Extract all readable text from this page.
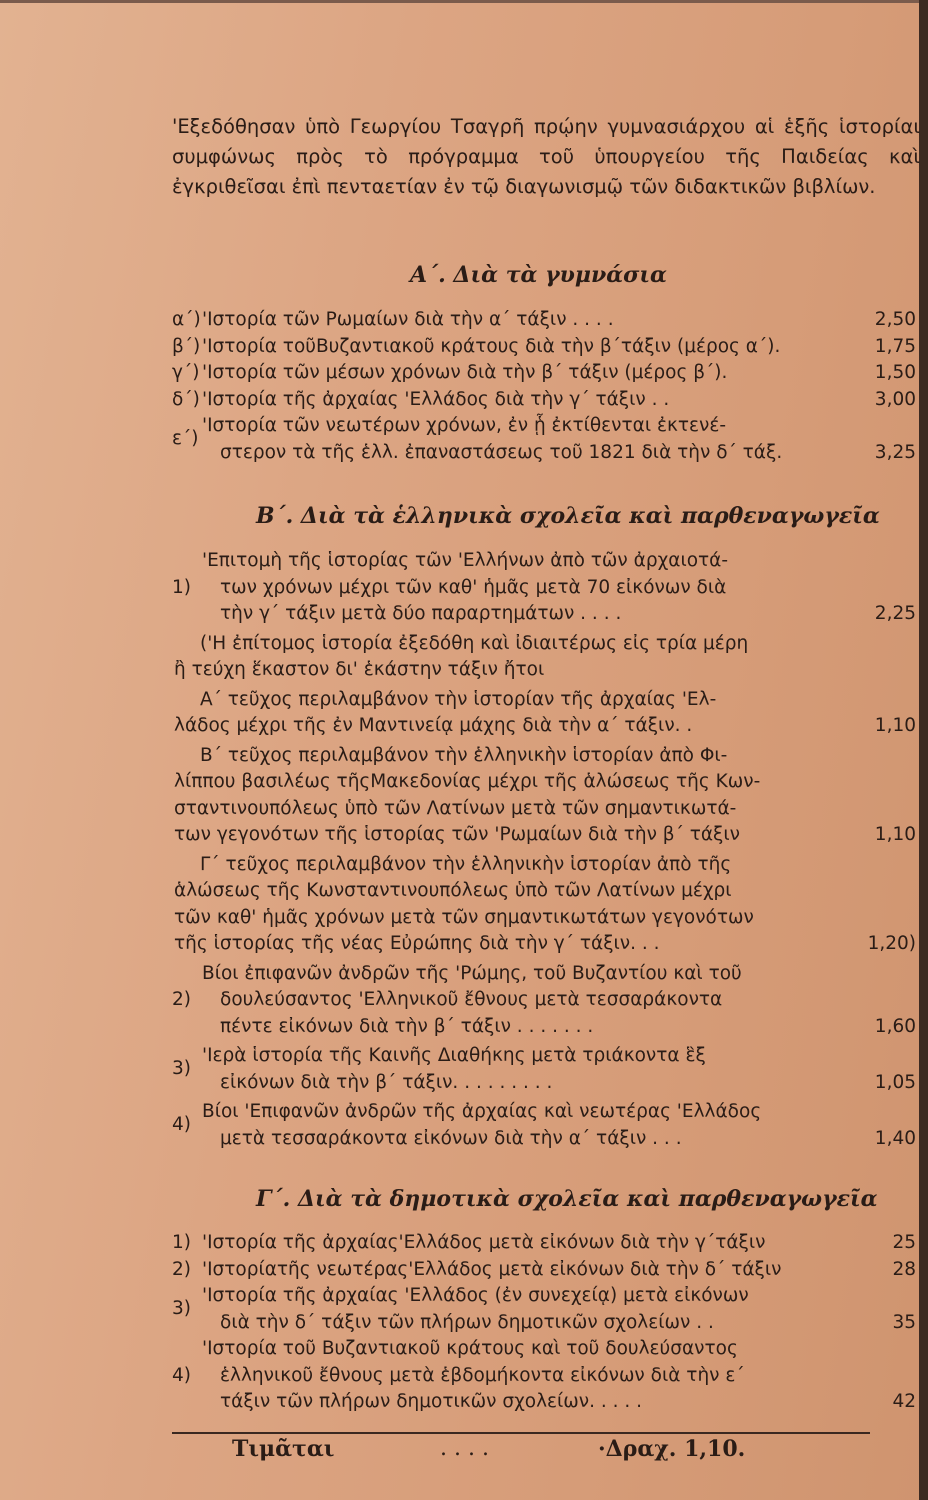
'Εξεδόθησαν ὑπὸ Γεωργίου Τσαγρῆ πρῴην γυμνασιάρχου αἱ ἑξῆς ἱστορίαι συμφώνως πρὸς τὸ πρόγραμμα τοῦ ὑπουργείου τῆς Παιδείας καὶ ἐγκριθεῖσαι ἐπὶ πενταετίαν ἐν τῷ διαγωνισμῷ τῶν διδακτικῶν βιβλίων.
Α΄. Διὰ τὰ γυμνάσια
Β΄. Διὰ τὰ ἑλληνικὰ σχολεῖα καὶ παρθεναγωγεῖα
Γ΄. Διὰ τὰ δημοτικὰ σχολεῖα καὶ παρθεναγωγεῖα
Τιμᾶται	. . . .	·Δραχ. 1,10.
α΄) 'Ιστορία τῶν Ρωμαίων διὰ τὴν α΄ τάξιν . . . .	2,50
β΄) 'Ιστορία τοῦΒυζαντιακοῦ κράτους διὰ τὴν β΄τάξιν (μέρος α΄).	1,75
γ΄) 'Ιστορία τῶν μέσων χρόνων διὰ τὴν β΄ τάξιν (μέρος β΄).	1,50
δ΄) 'Ιστορία τῆς ἀρχαίας 'Ελλάδος διὰ τὴν γ΄ τάξιν . .	3,00
ε΄)
'Ιστορία τῶν νεωτέρων χρόνων, ἐν ᾗ ἐκτίθενται ἐκτενέ-
στερον τὰ τῆς ἑλλ. ἐπαναστάσεως τοῦ 1821 διὰ τὴν δ΄ τάξ.	3,25
1)
'Επιτομὴ τῆς ἱστορίας τῶν 'Ελλήνων ἀπὸ τῶν ἀρχαιοτά-
των χρόνων μέχρι τῶν καθ' ἡμᾶς μετὰ 70 εἰκόνων διὰ
τὴν γ΄ τάξιν μετὰ δύο παραρτημάτων . . . .	2,25
('Η ἐπίτομος ἱστορία ἐξεδόθη καὶ ἰδιαιτέρως εἰς τρία μέρη
ἢ τεύχη ἕκαστον δι' ἑκάστην τάξιν ἤτοι
Α΄ τεῦχος περιλαμβάνον τὴν ἱστορίαν τῆς ἀρχαίας 'Ελ-
λάδος μέχρι τῆς ἐν Μαντινείᾳ μάχης διὰ τὴν α΄ τάξιν. .	1,10
Β΄ τεῦχος περιλαμβάνον τὴν ἑλληνικὴν ἱστορίαν ἀπὸ Φι-
λίππου βασιλέως τῆςΜακεδονίας μέχρι τῆς ἁλώσεως τῆς Κων-
σταντινουπόλεως ὑπὸ τῶν Λατίνων μετὰ τῶν σημαντικωτά-
των γεγονότων τῆς ἱστορίας τῶν 'Ρωμαίων διὰ τὴν β΄ τάξιν	1,10
Γ΄ τεῦχος περιλαμβάνον τὴν ἑλληνικὴν ἱστορίαν ἀπὸ τῆς
ἁλώσεως τῆς Κωνσταντινουπόλεως ὑπὸ τῶν Λατίνων μέχρι
τῶν καθ' ἡμᾶς χρόνων μετὰ τῶν σημαντικωτάτων γεγονότων
τῆς ἱστορίας τῆς νέας Εὐρώπης διὰ τὴν γ΄ τάξιν. . .	1,20)
2)
Βίοι ἐπιφανῶν ἀνδρῶν τῆς 'Ρώμης, τοῦ Βυζαντίου καὶ τοῦ
δουλεύσαντος 'Ελληνικοῦ ἔθνους μετὰ τεσσαράκοντα
πέντε εἰκόνων διὰ τὴν β΄ τάξιν . . . . . . .	1,60
3)
'Ιερὰ ἱστορία τῆς Καινῆς Διαθήκης μετὰ τριάκοντα ἓξ
εἰκόνων διὰ τὴν β΄ τάξιν. . . . . . . . .	1,05
4)
Βίοι 'Επιφανῶν ἀνδρῶν τῆς ἀρχαίας καὶ νεωτέρας 'Ελλάδος
μετὰ τεσσαράκοντα εἰκόνων διὰ τὴν α΄ τάξιν . . .	1,40
1) 'Ιστορία τῆς ἀρχαίας'Ελλάδος μετὰ εἰκόνων διὰ τὴν γ΄τάξιν	25
2) 'Ιστορίατῆς νεωτέρας'Ελλάδος μετὰ εἰκόνων διὰ τὴν δ΄ τάξιν	28
3)
'Ιστορία τῆς ἀρχαίας 'Ελλάδος (ἐν συνεχείᾳ) μετὰ εἰκόνων
διὰ τὴν δ΄ τάξιν τῶν πλήρων δημοτικῶν σχολείων . .	35
4)
'Ιστορία τοῦ Βυζαντιακοῦ κράτους καὶ τοῦ δουλεύσαντος
ἑλληνικοῦ ἔθνους μετὰ ἑβδομήκοντα εἰκόνων διὰ τὴν ε΄
τάξιν τῶν πλήρων δημοτικῶν σχολείων. . . . .	42
